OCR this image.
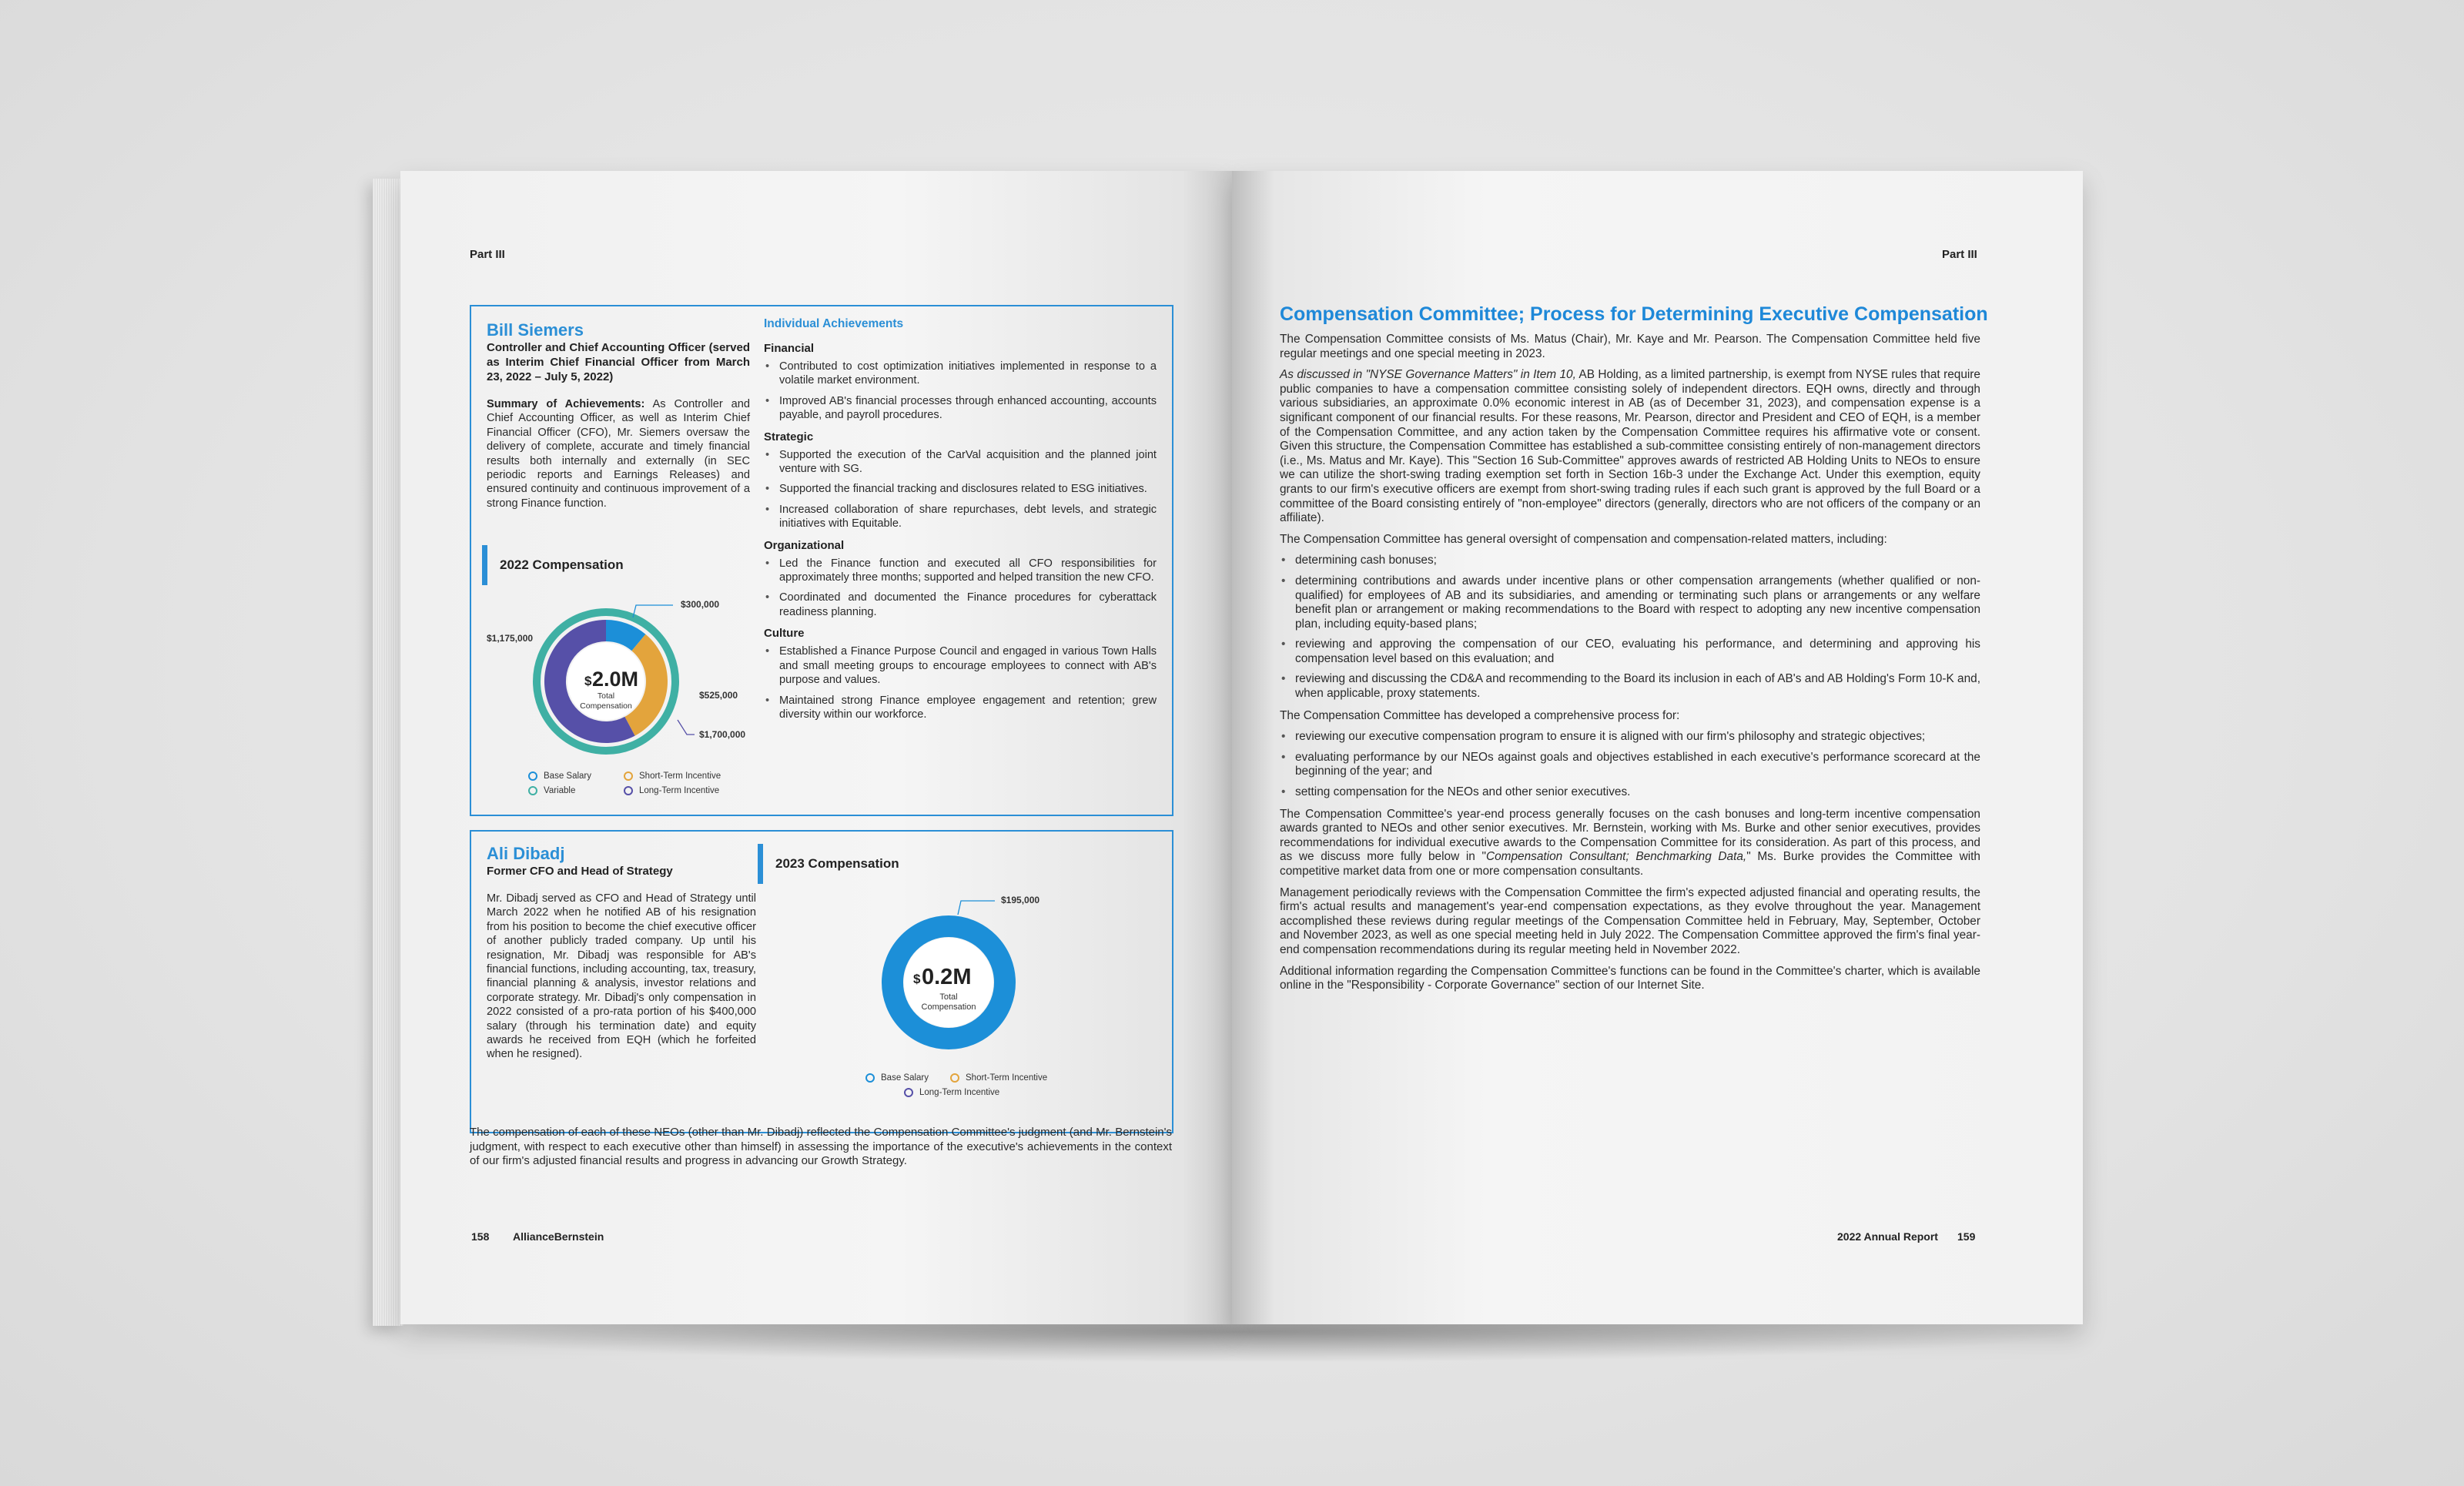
Part III
Bill Siemers
Controller and Chief Accounting Officer (served as Interim Chief Financial Officer from March 23, 2022 – July 5, 2022)
Summary of Achievements: As Controller and Chief Accounting Officer, as well as Interim Chief Financial Officer (CFO), Mr. Siemers oversaw the delivery of complete, accurate and timely financial results both internally and externally (in SEC periodic reports and Earnings Releases) and ensured continuity and continuous improvement of a strong Finance function.
2022 Compensation
$ 2.0M
Total
Compensation
$300,000
$1,175,000
$525,000
$1,700,000
Base Salary	Short-Term Incentive
Variable	Long-Term Incentive
Individual Achievements
Financial
• Contributed to cost optimization initiatives implemented in response to a volatile market environment.
• Improved AB's financial processes through enhanced accounting, accounts payable, and payroll procedures.
Strategic
• Supported the execution of the CarVal acquisition and the planned joint venture with SG.
• Supported the financial tracking and disclosures related to ESG initiatives.
• Increased collaboration of share repurchases, debt levels, and strategic initiatives with Equitable.
Organizational
• Led the Finance function and executed all CFO responsibilities for approximately three months; supported and helped transition the new CFO.
• Coordinated and documented the Finance procedures for cyberattack readiness planning.
Culture
• Established a Finance Purpose Council and engaged in various Town Halls and small meeting groups to encourage employees to connect with AB's purpose and values.
• Maintained strong Finance employee engagement and retention; grew diversity within our workforce.
Ali Dibadj
Former CFO and Head of Strategy
Mr. Dibadj served as CFO and Head of Strategy until March 2022 when he notified AB of his resignation from his position to become the chief executive officer of another publicly traded company. Up until his resignation, Mr. Dibadj was responsible for AB's financial functions, including accounting, tax, treasury, financial planning & analysis, investor relations and corporate strategy. Mr. Dibadj's only compensation in 2022 consisted of a pro-rata portion of his $400,000 salary (through his termination date) and equity awards he received from EQH (which he forfeited when he resigned).
2023 Compensation
$ 0.2M
Total
Compensation
$195,000
Base Salary	Short-Term Incentive
Long-Term Incentive
The compensation of each of these NEOs (other than Mr. Dibadj) reflected the Compensation Committee's judgment (and Mr. Bernstein's judgment, with respect to each executive other than himself) in assessing the importance of the executive's achievements in the context of our firm's adjusted financial results and progress in advancing our Growth Strategy.
158 AllianceBernstein
Part III
Compensation Committee; Process for Determining Executive Compensation

The Compensation Committee consists of Ms. Matus (Chair), Mr. Kaye and Mr. Pearson. The Compensation Committee held five regular meetings and one special meeting in 2023.

As discussed in "NYSE Governance Matters" in Item 10, AB Holding, as a limited partnership, is exempt from NYSE rules that require public companies to have a compensation committee consisting solely of independent directors. EQH owns, directly and through various subsidiaries, an approximate 0.0% economic interest in AB (as of December 31, 2023), and compensation expense is a significant component of our financial results. For these reasons, Mr. Pearson, director and President and CEO of EQH, is a member of the Compensation Committee, and any action taken by the Compensation Committee requires his affirmative vote or consent. Given this structure, the Compensation Committee has established a sub-committee consisting entirely of non-management directors (i.e., Ms. Matus and Mr. Kaye). This "Section 16 Sub-Committee" approves awards of restricted AB Holding Units to NEOs to ensure we can utilize the short-swing trading exemption set forth in Section 16b-3 under the Exchange Act. Under this exemption, equity grants to our firm's executive officers are exempt from short-swing trading rules if each such grant is approved by the full Board or a committee of the Board consisting entirely of "non-employee" directors (generally, directors who are not officers of the company or an affiliate).

The Compensation Committee has general oversight of compensation and compensation-related matters, including:

• determining cash bonuses;
• determining contributions and awards under incentive plans or other compensation arrangements (whether qualified or non-qualified) for employees of AB and its subsidiaries, and amending or terminating such plans or arrangements or any welfare benefit plan or arrangement or making recommendations to the Board with respect to adopting any new incentive compensation plan, including equity-based plans;
• reviewing and approving the compensation of our CEO, evaluating his performance, and determining and approving his compensation level based on this evaluation; and
• reviewing and discussing the CD&A and recommending to the Board its inclusion in each of AB's and AB Holding's Form 10-K and, when applicable, proxy statements.

The Compensation Committee has developed a comprehensive process for:

• reviewing our executive compensation program to ensure it is aligned with our firm's philosophy and strategic objectives;
• evaluating performance by our NEOs against goals and objectives established in each executive's performance scorecard at the beginning of the year; and
• setting compensation for the NEOs and other senior executives.

The Compensation Committee's year-end process generally focuses on the cash bonuses and long-term incentive compensation awards granted to NEOs and other senior executives. Mr. Bernstein, working with Ms. Burke and other senior executives, provides recommendations for individual executive awards to the Compensation Committee for its consideration. As part of this process, and as we discuss more fully below in "Compensation Consultant; Benchmarking Data," Ms. Burke provides the Committee with competitive market data from one or more compensation consultants.

Management periodically reviews with the Compensation Committee the firm's expected adjusted financial and operating results, the firm's actual results and management's year-end compensation expectations, as they evolve throughout the year. Management accomplished these reviews during regular meetings of the Compensation Committee held in February, May, September, October and November 2023, as well as one special meeting held in July 2022. The Compensation Committee approved the firm's final year-end compensation recommendations during its regular meeting held in November 2022.

Additional information regarding the Compensation Committee's functions can be found in the Committee's charter, which is available online in the "Responsibility - Corporate Governance" section of our Internet Site.

2022 Annual Report 159
